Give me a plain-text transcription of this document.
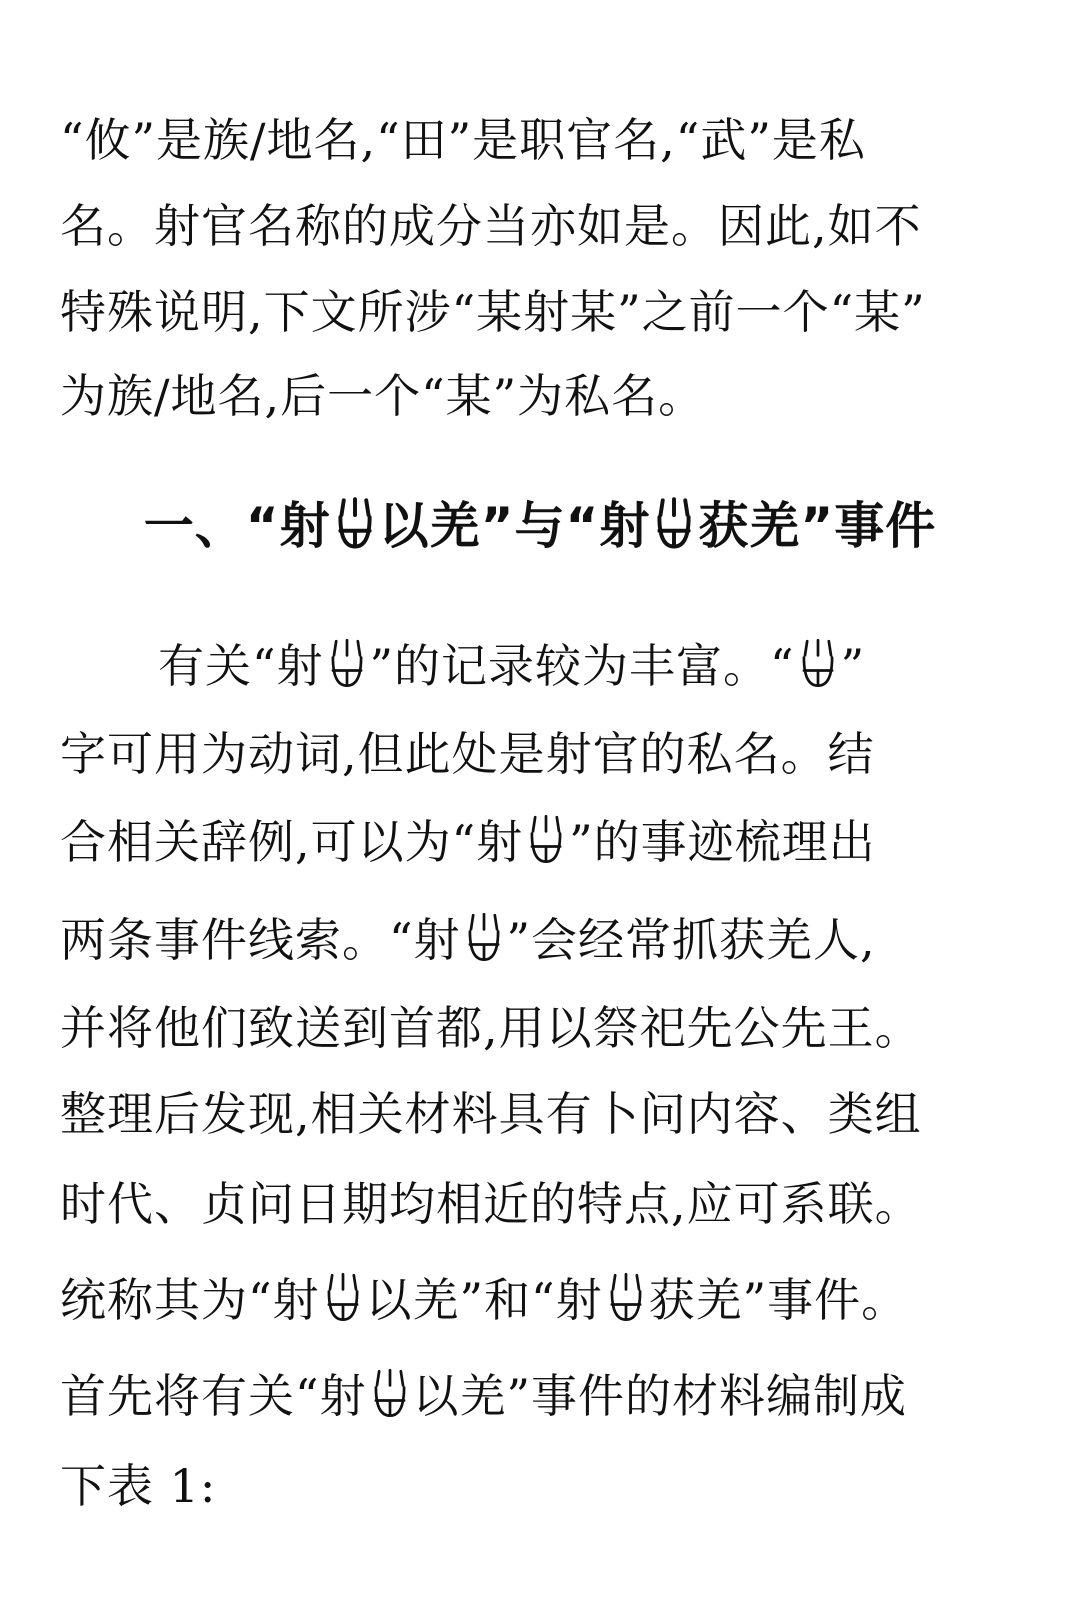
“攸”是族/地名,“田”是职官名,“武”是私
名。射官名称的成分当亦如是。因此,如不
特殊说明,下文所涉“某射某”之前一个“某”
为族/地名,后一个“某”为私名。
一、“射 以羌”与“射 获羌”事件
有关“射 ”的记录较为丰富。“ ”
字可用为动词,但此处是射官的私名。结
合相关辞例,可以为“射 ”的事迹梳理出
两条事件线索。“射 ”会经常抓获羌人,
并将他们致送到首都,用以祭祀先公先王。
整理后发现,相关材料具有卜问内容、类组
时代、贞问日期均相近的特点,应可系联。
统称其为“射 以羌”和“射 获羌”事件。
首先将有关“射 以羌”事件的材料编制成
下表 1:
